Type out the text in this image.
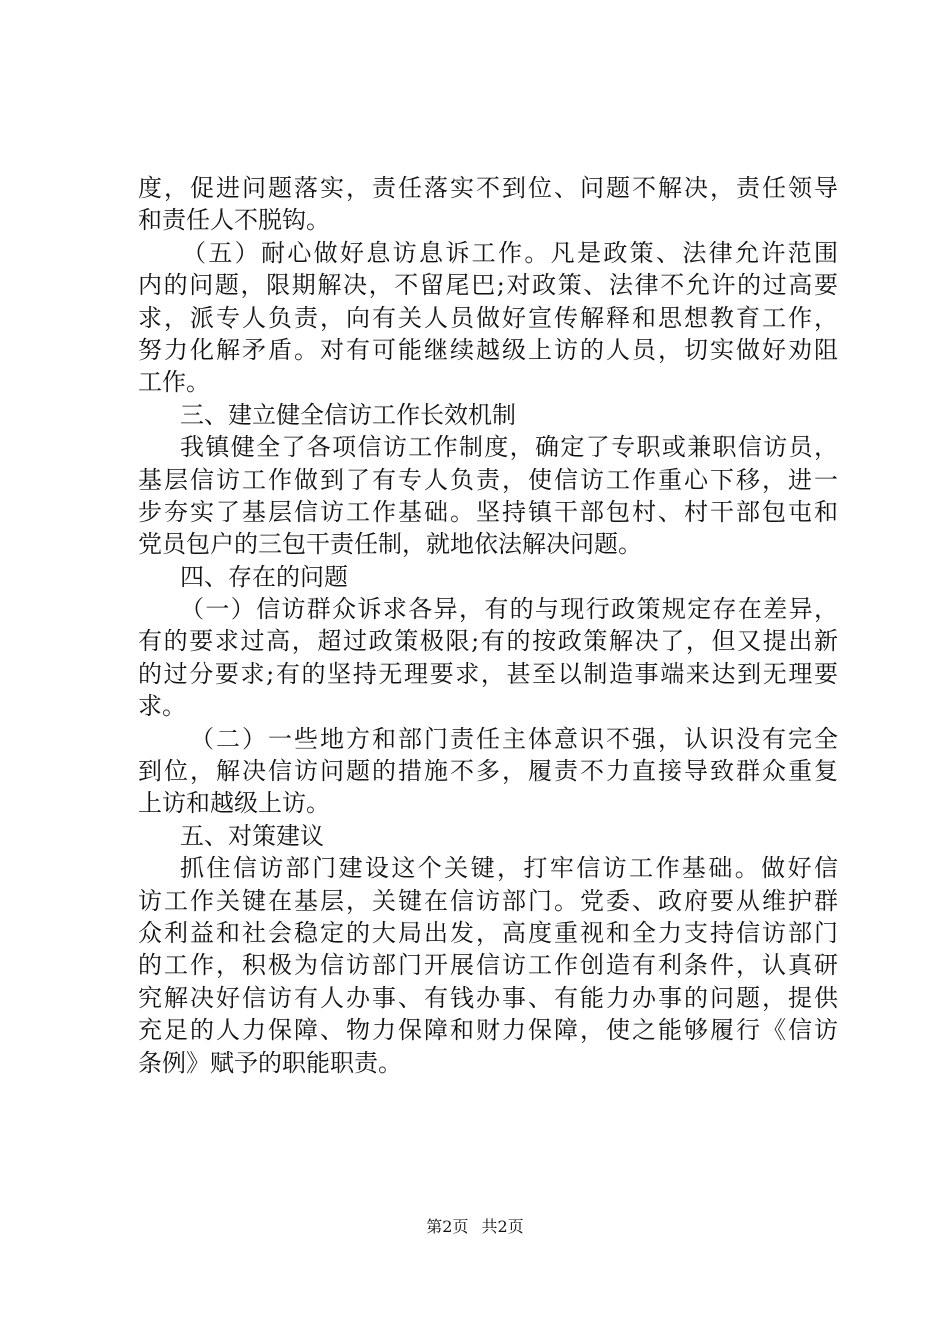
度，促进问题落实，责任落实不到位、问题不解决，责任领导
和责任人不脱钩。
（五）耐心做好息访息诉工作。凡是政策、法律允许范围
内的问题，限期解决，不留尾巴;对政策、法律不允许的过高要
求，派专人负责，向有关人员做好宣传解释和思想教育工作，
努力化解矛盾。对有可能继续越级上访的人员，切实做好劝阻
工作。
三、建立健全信访工作长效机制
我镇健全了各项信访工作制度，确定了专职或兼职信访员，
基层信访工作做到了有专人负责，使信访工作重心下移，进一
步夯实了基层信访工作基础。坚持镇干部包村、村干部包屯和
党员包户的三包干责任制，就地依法解决问题。
四、存在的问题
（一）信访群众诉求各异，有的与现行政策规定存在差异，
有的要求过高，超过政策极限;有的按政策解决了，但又提出新
的过分要求;有的坚持无理要求，甚至以制造事端来达到无理要
求。
（二）一些地方和部门责任主体意识不强，认识没有完全
到位，解决信访问题的措施不多，履责不力直接导致群众重复
上访和越级上访。
五、对策建议
抓住信访部门建设这个关键，打牢信访工作基础。做好信
访工作关键在基层，关键在信访部门。党委、政府要从维护群
众利益和社会稳定的大局出发，高度重视和全力支持信访部门
的工作，积极为信访部门开展信访工作创造有利条件，认真研
究解决好信访有人办事、有钱办事、有能力办事的问题，提供
充足的人力保障、物力保障和财力保障，使之能够履行《信访
条例》赋予的职能职责。
第2页 共2页
